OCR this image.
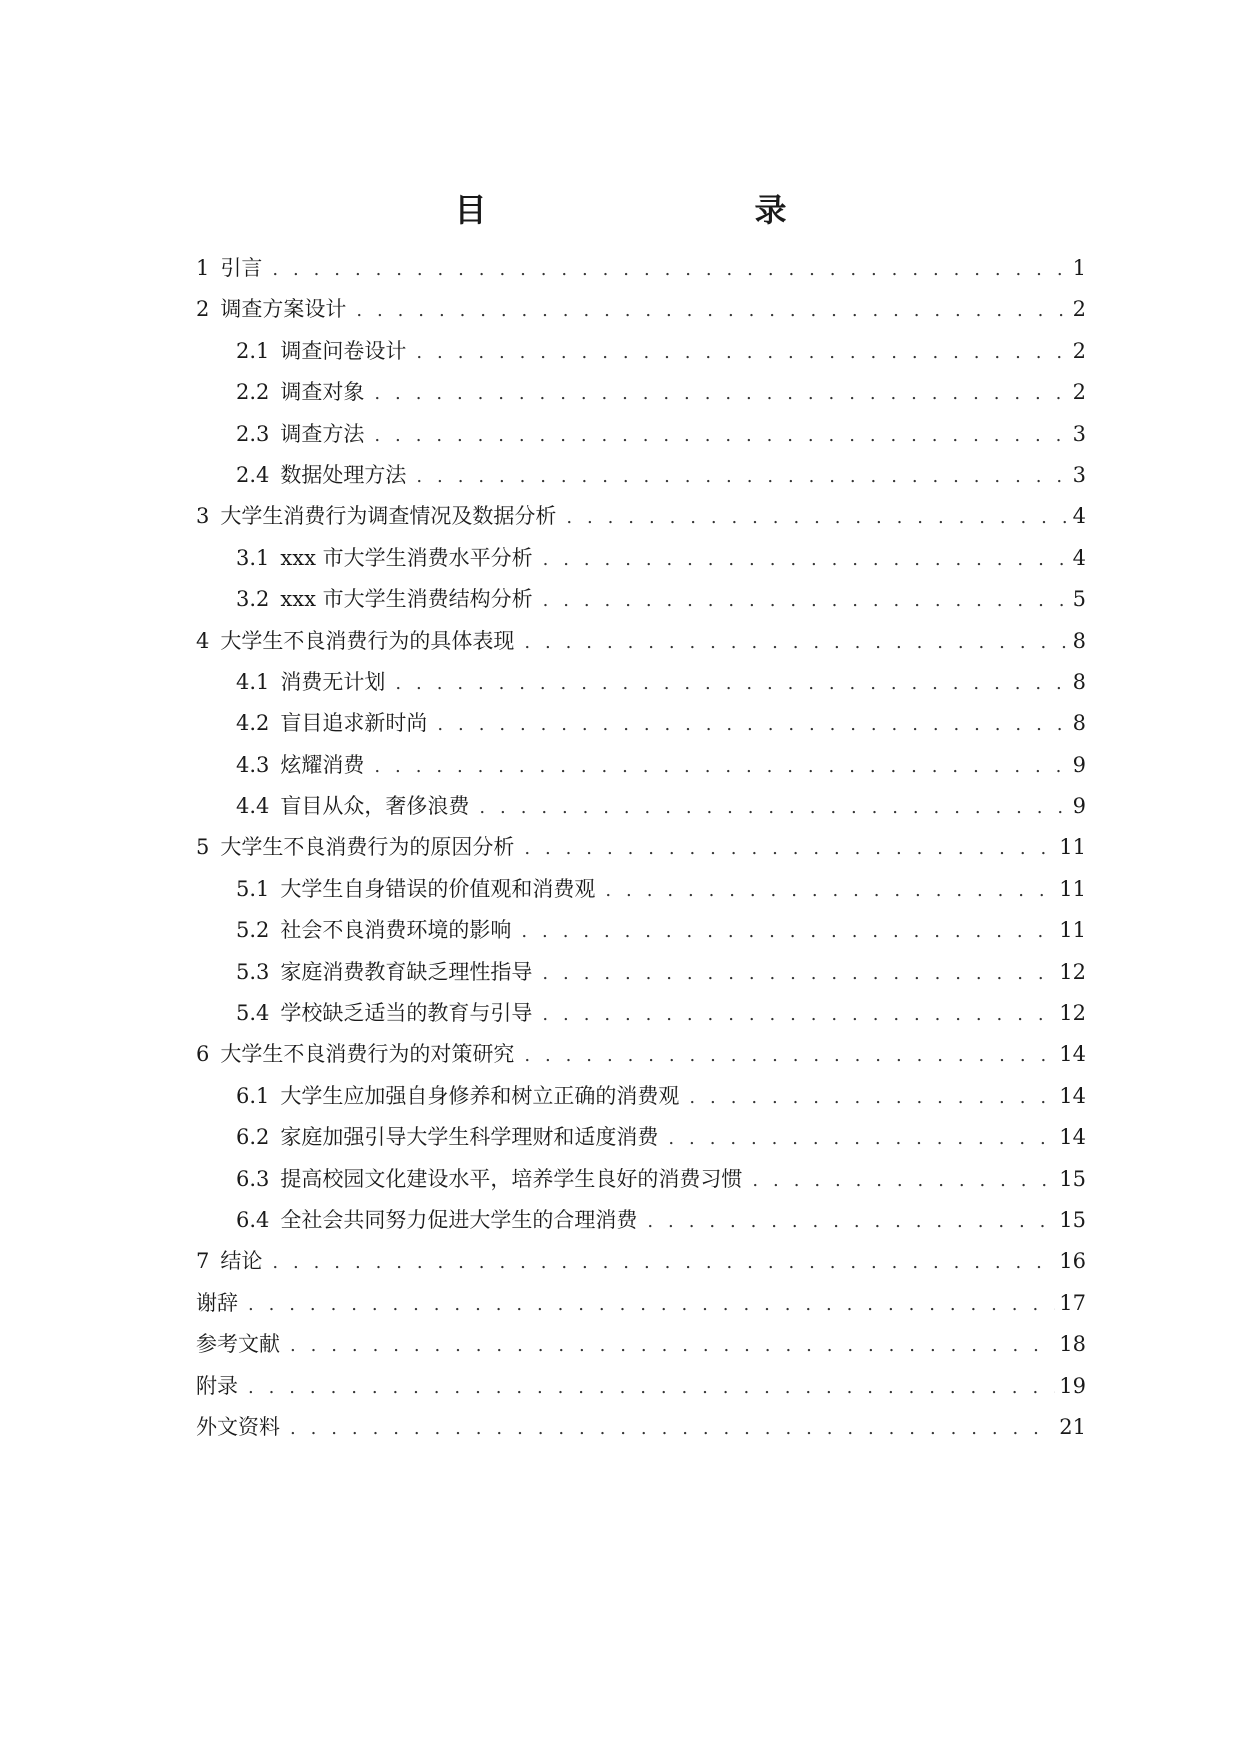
目　　录
1 引言 . . .	1
2 调查方案设计 . . .	2
2.1 调查问卷设计 . . .	2
2.2 调查对象 . . .	2
2.3 调查方法 . . .	3
2.4 数据处理方法 . . .	3
3 大学生消费行为调查情况及数据分析 . . .	4
3.1 xxx 市大学生消费水平分析 . . .	4
3.2 xxx 市大学生消费结构分析 . . .	5
4 大学生不良消费行为的具体表现 . . .	8
4.1 消费无计划 . . .	8
4.2 盲目追求新时尚 . . .	8
4.3 炫耀消费 . . .	9
4.4 盲目从众，奢侈浪费 . . .	9
5 大学生不良消费行为的原因分析 . . .	11
5.1 大学生自身错误的价值观和消费观 . . .	11
5.2 社会不良消费环境的影响 . . .	11
5.3 家庭消费教育缺乏理性指导 . . .	12
5.4 学校缺乏适当的教育与引导 . . .	12
6 大学生不良消费行为的对策研究 . . .	14
6.1 大学生应加强自身修养和树立正确的消费观 . . .	14
6.2 家庭加强引导大学生科学理财和适度消费 . . .	14
6.3 提高校园文化建设水平，培养学生良好的消费习惯 . . .	15
6.4 全社会共同努力促进大学生的合理消费 . . .	15
7 结论 . . .	16
谢辞 . . .	17
参考文献 . . .	18
附录 . . .	19
外文资料 . . .	21
